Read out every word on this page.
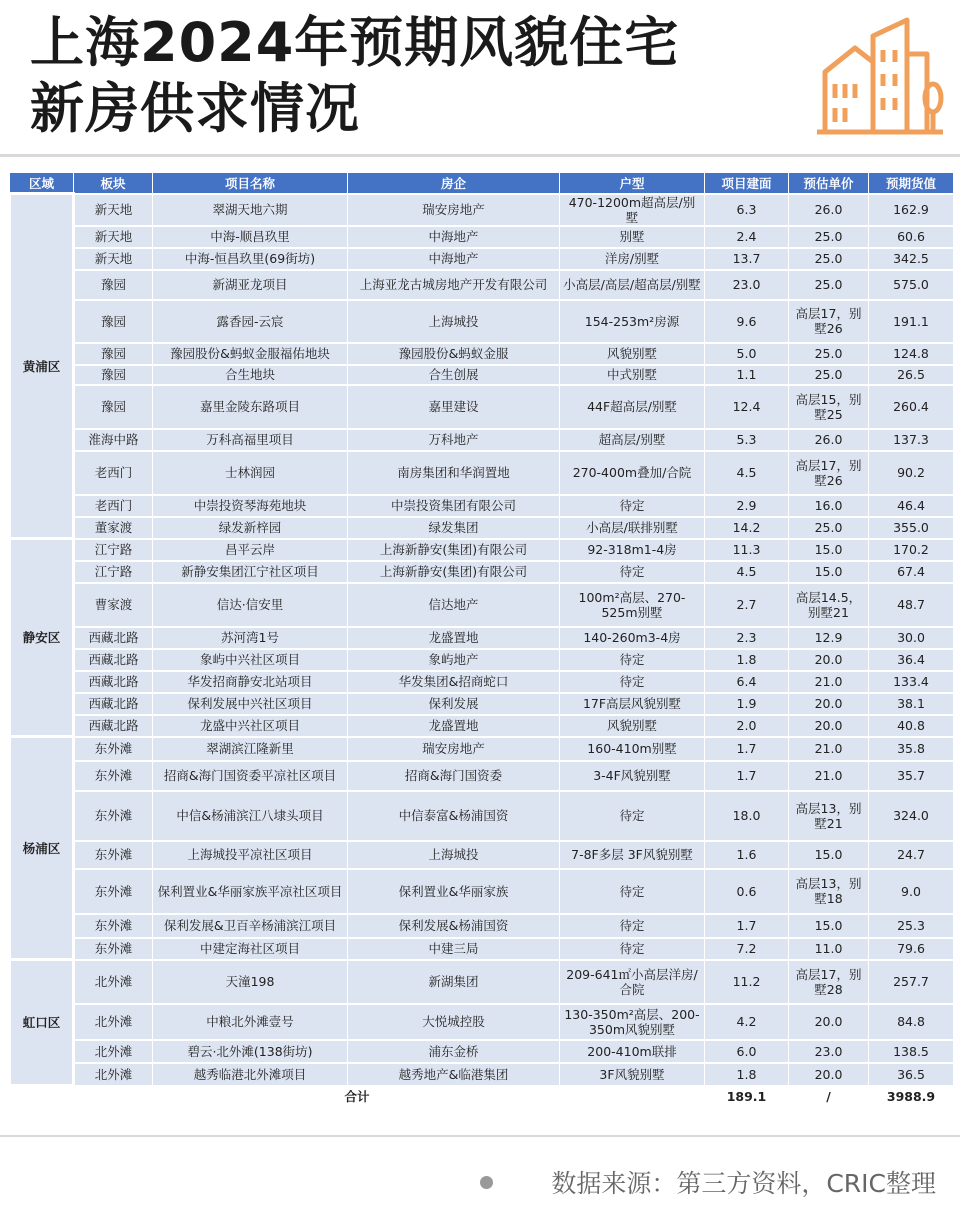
上海2024年预期风貌住宅
新房供求情况
区域	板块	项目名称	房企	户型	项目建面	预估单价	预期货值
黄浦区	新天地	翠湖天地六期	瑞安房地产	470-1200m超高层/别墅	6.3	26.0	162.9
	新天地	中海-顺昌玖里	中海地产	别墅	2.4	25.0	60.6
	新天地	中海-恒昌玖里(69街坊)	中海地产	洋房/别墅	13.7	25.0	342.5
	豫园	新湖亚龙项目	上海亚龙古城房地产开发有限公司	小高层/高层/超高层/别墅	23.0	25.0	575.0
	豫园	露香园-云宸	上海城投	154-253m²房源	9.6	高层17，别墅26	191.1
	豫园	豫园股份&蚂蚁金服福佑地块	豫园股份&蚂蚁金服	风貌别墅	5.0	25.0	124.8
	豫园	合生地块	合生创展	中式别墅	1.1	25.0	26.5
	豫园	嘉里金陵东路项目	嘉里建设	44F超高层/别墅	12.4	高层15，别墅25	260.4
	淮海中路	万科高福里项目	万科地产	超高层/别墅	5.3	26.0	137.3
	老西门	士林润园	南房集团和华润置地	270-400m叠加/合院	4.5	高层17，别墅26	90.2
	老西门	中崇投资琴海苑地块	中崇投资集团有限公司	待定	2.9	16.0	46.4
	董家渡	绿发新梓园	绿发集团	小高层/联排别墅	14.2	25.0	355.0
静安区	江宁路	昌平云岸	上海新静安(集团)有限公司	92-318m1-4房	11.3	15.0	170.2
	江宁路	新静安集团江宁社区项目	上海新静安(集团)有限公司	待定	4.5	15.0	67.4
	曹家渡	信达·信安里	信达地产	100m²高层、270-525m别墅	2.7	高层14.5，别墅21	48.7
	西藏北路	苏河湾1号	龙盛置地	140-260m3-4房	2.3	12.9	30.0
	西藏北路	象屿中兴社区项目	象屿地产	待定	1.8	20.0	36.4
	西藏北路	华发招商静安北站项目	华发集团&招商蛇口	待定	6.4	21.0	133.4
	西藏北路	保利发展中兴社区项目	保利发展	17F高层风貌别墅	1.9	20.0	38.1
	西藏北路	龙盛中兴社区项目	龙盛置地	风貌别墅	2.0	20.0	40.8
杨浦区	东外滩	翠湖滨江隆新里	瑞安房地产	160-410m别墅	1.7	21.0	35.8
	东外滩	招商&海门国资委平凉社区项目	招商&海门国资委	3-4F风貌别墅	1.7	21.0	35.7
	东外滩	中信&杨浦滨江八埭头项目	中信泰富&杨浦国资	待定	18.0	高层13，别墅21	324.0
	东外滩	上海城投平凉社区项目	上海城投	7-8F多层 3F风貌别墅	1.6	15.0	24.7
	东外滩	保利置业&华丽家族平凉社区项目	保利置业&华丽家族	待定	0.6	高层13，别墅18	9.0
	东外滩	保利发展&卫百辛杨浦滨江项目	保利发展&杨浦国资	待定	1.7	15.0	25.3
	东外滩	中建定海社区项目	中建三局	待定	7.2	11.0	79.6
虹口区	北外滩	天潼198	新湖集团	209-641㎡小高层洋房/合院	11.2	高层17，别墅28	257.7
	北外滩	中粮北外滩壹号	大悦城控股	130-350m²高层、200-350m风貌别墅	4.2	20.0	84.8
	北外滩	碧云·北外滩(138街坊)	浦东金桥	200-410m联排	6.0	23.0	138.5
	北外滩	越秀临港北外滩项目	越秀地产&临港集团	3F风貌别墅	1.8	20.0	36.5
合计					189.1	/	3988.9
数据来源：第三方资料，CRIC整理
